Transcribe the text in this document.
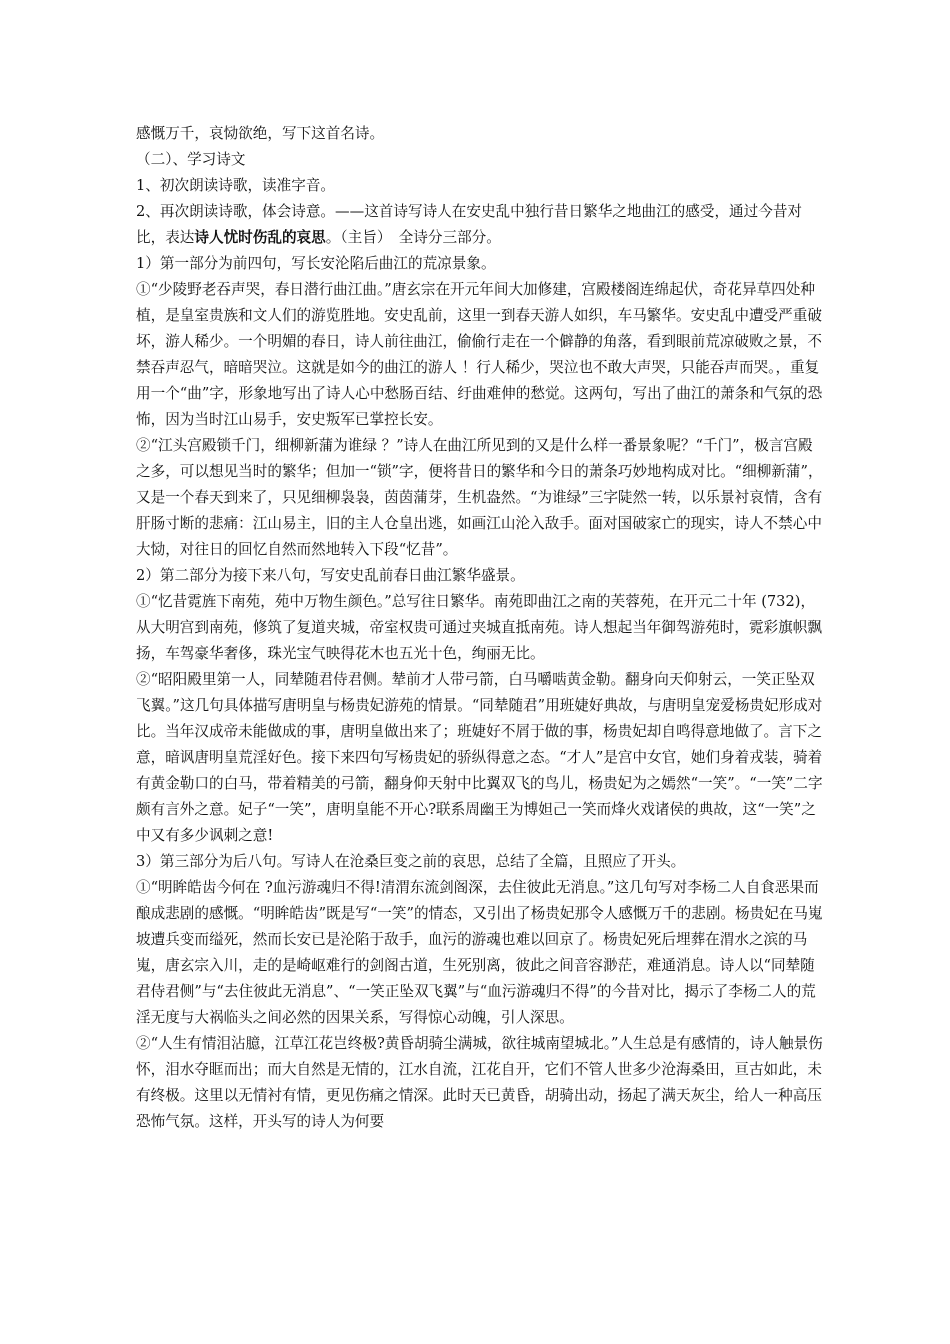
感慨万千，哀恸欲绝，写下这首名诗。

（二）、学习诗文

1、初次朗读诗歌，读准字音。

2、再次朗读诗歌，体会诗意。——这首诗写诗人在安史乱中独行昔日繁华之地曲江的感受，通过今昔对比，表达诗人忧时伤乱的哀思。（主旨）　全诗分三部分。

1）第一部分为前四句，写长安沦陷后曲江的荒凉景象。

①“少陵野老吞声哭，春日潜行曲江曲。”唐玄宗在开元年间大加修建，宫殿楼阁连绵起伏，奇花异草四处种植，是皇室贵族和文人们的游览胜地。安史乱前，这里一到春天游人如织，车马繁华。安史乱中遭受严重破坏，游人稀少。一个明媚的春日，诗人前往曲江，偷偷行走在一个僻静的角落，看到眼前荒凉破败之景，不禁吞声忍气，暗暗哭泣。这就是如今的曲江的游人 ！行人稀少，哭泣也不敢大声哭，只能吞声而哭。，重复用一个“曲”字，形象地写出了诗人心中愁肠百结、纡曲难伸的愁觉。这两句，写出了曲江的萧条和气氛的恐怖，因为当时江山易手，安史叛军已掌控长安。

②“江头宫殿锁千门，细柳新蒲为谁绿 ？”诗人在曲江所见到的又是什么样一番景象呢？“千门”，极言宫殿之多，可以想见当时的繁华；但加一“锁”字，便将昔日的繁华和今日的萧条巧妙地构成对比。“细柳新蒲”，又是一个春天到来了，只见细柳袅袅，茵茵蒲芽，生机盎然。“为谁绿”三字陡然一转，以乐景衬哀情，含有肝肠寸断的悲痛：江山易主，旧的主人仓皇出逃，如画江山沦入敌手。面对国破家亡的现实，诗人不禁心中大恸，对往日的回忆自然而然地转入下段“忆昔”。

2）第二部分为接下来八句，写安史乱前春日曲江繁华盛景。

①“忆昔霓旌下南苑，苑中万物生颜色。”总写往日繁华。南苑即曲江之南的芙蓉苑，在开元二十年 (732)，从大明宫到南苑，修筑了复道夹城，帝室权贵可通过夹城直抵南苑。诗人想起当年御驾游苑时，霓彩旗帜飘扬，车驾豪华奢侈，珠光宝气映得花木也五光十色，绚丽无比。

②“昭阳殿里第一人，同辇随君侍君侧。辇前才人带弓箭，白马嚼啮黄金勒。翻身向天仰射云，一笑正坠双飞翼。”这几句具体描写唐明皇与杨贵妃游苑的情景。“同辇随君”用班婕好典故，与唐明皇宠爱杨贵妃形成对比。当年汉成帝未能做成的事，唐明皇做出来了；班婕好不屑于做的事，杨贵妃却自鸣得意地做了。言下之意，暗讽唐明皇荒淫好色。接下来四句写杨贵妃的骄纵得意之态。“才人”是宫中女官，她们身着戎装，骑着有黄金勒口的白马，带着精美的弓箭，翻身仰天射中比翼双飞的鸟儿，杨贵妃为之嫣然“一笑”。“一笑”二字颇有言外之意。妃子“一笑”，唐明皇能不开心?联系周幽王为博妲己一笑而烽火戏诸侯的典故，这“一笑”之中又有多少讽刺之意!

3）第三部分为后八句。写诗人在沧桑巨变之前的哀思，总结了全篇，且照应了开头。

①“明眸皓齿今何在 ?血污游魂归不得!清渭东流剑阁深，去住彼此无消息。”这几句写对李杨二人自食恶果而酿成悲剧的感慨。“明眸皓齿”既是写“一笑”的情态，又引出了杨贵妃那令人感慨万千的悲剧。杨贵妃在马嵬坡遭兵变而缢死，然而长安已是沦陷于敌手，血污的游魂也难以回京了。杨贵妃死后埋葬在渭水之滨的马嵬，唐玄宗入川，走的是崎岖难行的剑阁古道，生死别离，彼此之间音容渺茫，难通消息。诗人以“同辇随君侍君侧”与“去住彼此无消息”、“一笑正坠双飞翼”与“血污游魂归不得”的今昔对比，揭示了李杨二人的荒淫无度与大祸临头之间必然的因果关系，写得惊心动魄，引人深思。

②“人生有情泪沾臆，江草江花岂终极?黄昏胡骑尘满城，欲往城南望城北。”人生总是有感情的，诗人触景伤怀，泪水夺眶而出；而大自然是无情的，江水自流，江花自开，它们不管人世多少沧海桑田，亘古如此，未有终极。这里以无情衬有情，更见伤痛之情深。此时天已黄昏，胡骑出动，扬起了满天灰尘，给人一种高压恐怖气氛。这样，开头写的诗人为何要
